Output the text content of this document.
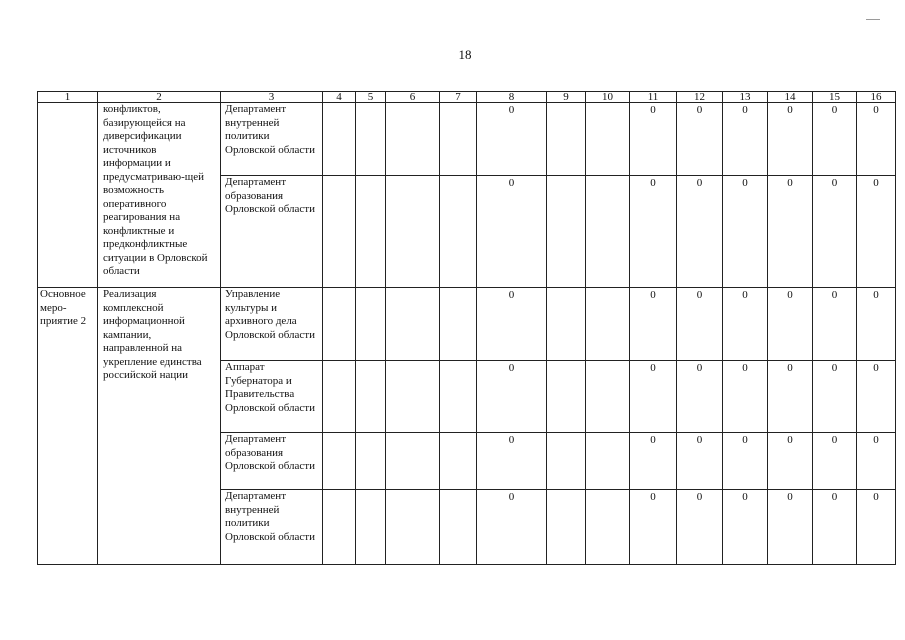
18
1	2	3	4	5	6	7	8	9	10	11	12	13	14	15	16
	конфликтов, базирующейся на диверсификации источников информации и предусматриваю-щей возможность оперативного реагирования на конфликтные и предконфликтные ситуации в Орловской области	Департамент внутренней политики Орловской области					0			0	0	0	0	0	0
		Департамент образования Орловской области					0			0	0	0	0	0	0
Основное меро-приятие 2	Реализация комплексной информационной кампании, направленной на укрепление единства российской нации	Управление культуры и архивного дела Орловской области					0			0	0	0	0	0	0
		Аппарат Губернатора и Правительства Орловской области					0			0	0	0	0	0	0
		Департамент образования Орловской области					0			0	0	0	0	0	0
		Департамент внутренней политики Орловской области					0			0	0	0	0	0	0
